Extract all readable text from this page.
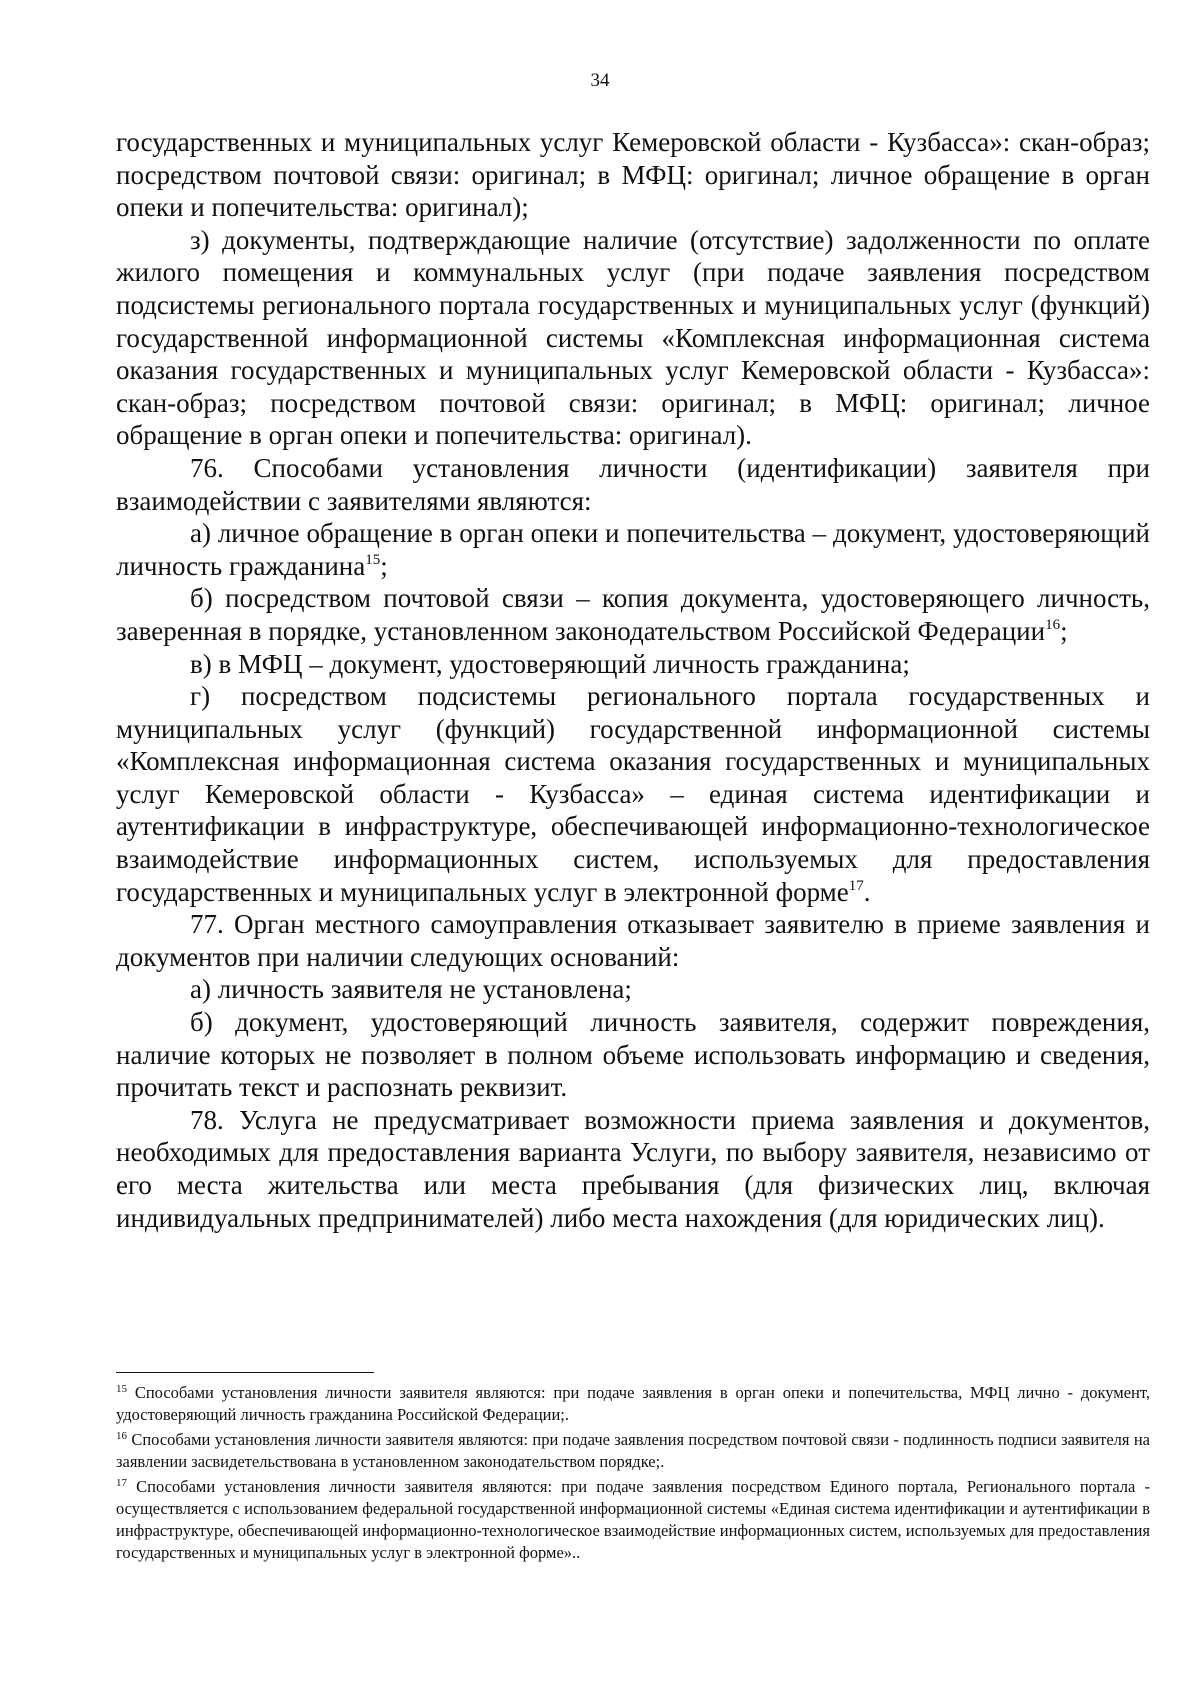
34

государственных и муниципальных услуг Кемеровской области - Кузбасса»: скан-образ; посредством почтовой связи: оригинал; в МФЦ: оригинал; личное обращение в орган опеки и попечительства: оригинал);

з) документы, подтверждающие наличие (отсутствие) задолженности по оплате жилого помещения и коммунальных услуг (при подаче заявления посредством подсистемы регионального портала государственных и муниципальных услуг (функций) государственной информационной системы «Комплексная информационная система оказания государственных и муниципальных услуг Кемеровской области - Кузбасса»: скан-образ; посредством почтовой связи: оригинал; в МФЦ: оригинал; личное обращение в орган опеки и попечительства: оригинал).

76. Способами установления личности (идентификации) заявителя при взаимодействии с заявителями являются:

а) личное обращение в орган опеки и попечительства – документ, удостоверяющий личность гражданина$^{15}$;

б) посредством почтовой связи – копия документа, удостоверяющего личность, заверенная в порядке, установленном законодательством Российской Федерации$^{16}$;

в) в МФЦ – документ, удостоверяющий личность гражданина;

г) посредством подсистемы регионального портала государственных и муниципальных услуг (функций) государственной информационной системы «Комплексная информационная система оказания государственных и муниципальных услуг Кемеровской области - Кузбасса» – единая система идентификации и аутентификации в инфраструктуре, обеспечивающей информационно-технологическое взаимодействие информационных систем, используемых для предоставления государственных и муниципальных услуг в электронной форме$^{17}$.

77. Орган местного самоуправления отказывает заявителю в приеме заявления и документов при наличии следующих оснований:

а) личность заявителя не установлена;

б) документ, удостоверяющий личность заявителя, содержит повреждения, наличие которых не позволяет в полном объеме использовать информацию и сведения, прочитать текст и распознать реквизит.

78. Услуга не предусматривает возможности приема заявления и документов, необходимых для предоставления варианта Услуги, по выбору заявителя, независимо от его места жительства или места пребывания (для физических лиц, включая индивидуальных предпринимателей) либо места нахождения (для юридических лиц).

$^{15}$ Способами установления личности заявителя являются: при подаче заявления в орган опеки и попечительства, МФЦ лично - документ, удостоверяющий личность гражданина Российской Федерации;.

$^{16}$ Способами установления личности заявителя являются: при подаче заявления посредством почтовой связи - подлинность подписи заявителя на заявлении засвидетельствована в установленном законодательством порядке;.

$^{17}$ Способами установления личности заявителя являются: при подаче заявления посредством Единого портала, Регионального портала - осуществляется с использованием федеральной государственной информационной системы «Единая система идентификации и аутентификации в инфраструктуре, обеспечивающей информационно-технологическое взаимодействие информационных систем, используемых для предоставления государственных и муниципальных услуг в электронной форме»..
